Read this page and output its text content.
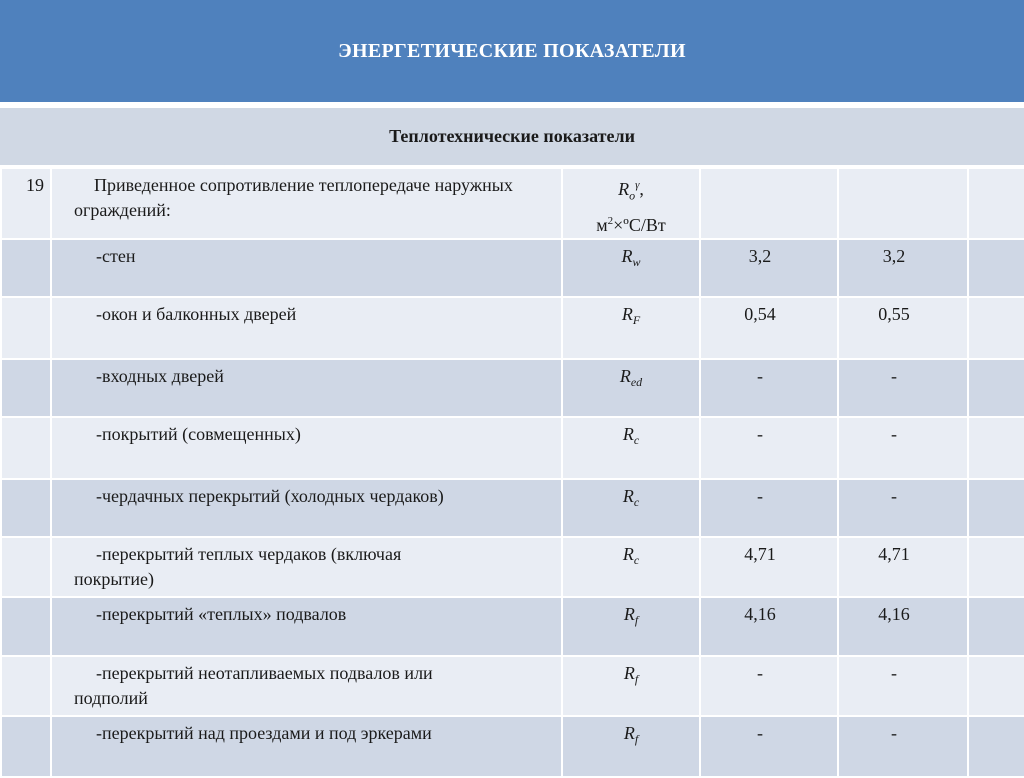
ЭНЕРГЕТИЧЕСКИЕ ПОКАЗАТЕЛИ
Теплотехнические показатели
19	Приведенное сопротивление теплопередаче наружных ограждений:	$R_o^\gamma$,
$м^2\times ºС/Вт$			

	-стен	$R_w$	3,2	3,2	
	-окон и балконных дверей	$R_F$	0,54	0,55	
	-входных дверей	$R_{ed}$	-	-	
	-покрытий (совмещенных)	$R_c$	-	-	
	-чердачных перекрытий (холодных чердаков)	$R_c$	-	-	
	-перекрытий теплых чердаков (включая
покрытие)	$R_c$	4,71	4,71	
	-перекрытий «теплых» подвалов	$R_f$	4,16	4,16	
	-перекрытий неотапливаемых подвалов или
подполий	$R_f$	-	-	
	-перекрытий над проездами и под эркерами	$R_f$	-	-	
